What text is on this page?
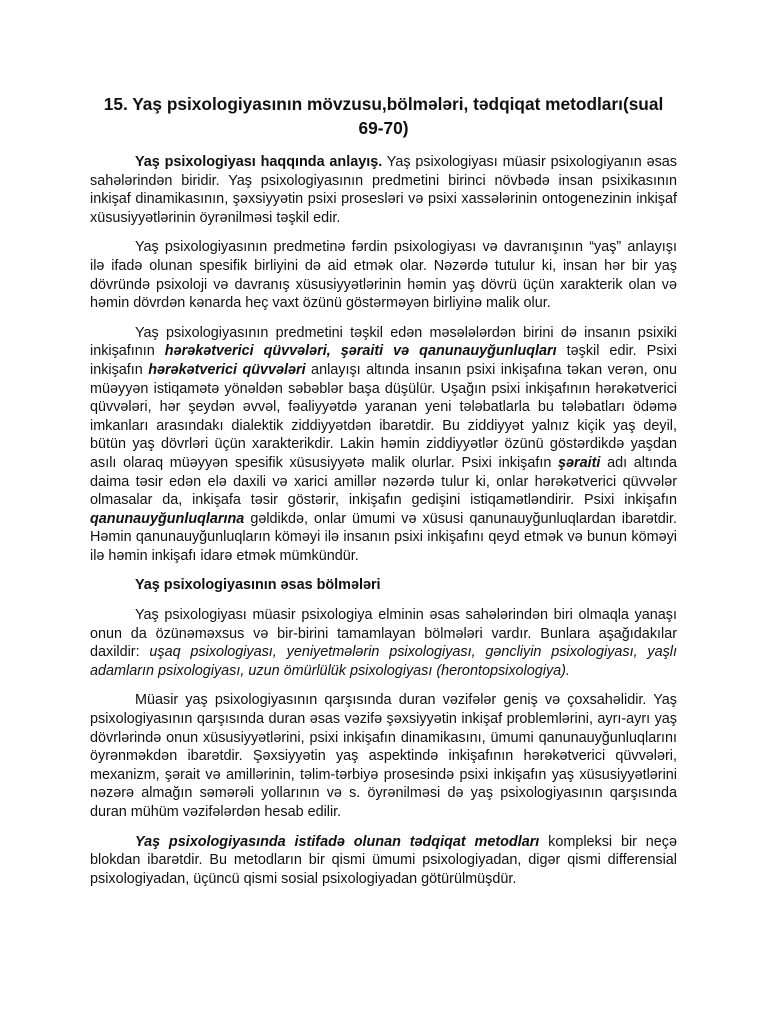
15. Yaş psixologiyasının mövzusu,bölmələri, tədqiqat metodları(sual 69-70)

Yaş psixologiyası haqqında anlayış. Yaş psixologiyası müasir psixologiyanın əsas sahələrindən biridir. Yaş psixologiyasının predmetini birinci növbədə insan psixikasının inkişaf dinamikasının, şəxsiyyətin psixi prosesləri və psixi xassələrinin ontogenezinin inkişaf xüsusiyyətlərinin öyrənilməsi təşkil edir.

Yaş psixologiyasının predmetinə fərdin psixologiyası və davranışının “yaş” anlayışı ilə ifadə olunan spesifik birliyini də aid etmək olar. Nəzərdə tutulur ki, insan hər bir yaş dövründə psixoloji və davranış xüsusiyyətlərinin həmin yaş dövrü üçün xarakterik olan və həmin dövrdən kənarda heç vaxt özünü göstərməyən birliyinə malik olur.

Yaş psixologiyasının predmetini təşkil edən məsələlərdən birini də insanın psixiki inkişafının hərəkətverici qüvvələri, şəraiti və qanunauyğunluqları təşkil edir. Psixi inkişafın hərəkətverici qüvvələri anlayışı altında insanın psixi inkişafına təkan verən, onu müəyyən istiqamətə yönəldən səbəblər başa düşülür. Uşağın psixi inkişafının hərəkətverici qüvvələri, hər şeydən əvvəl, fəaliyyətdə yaranan yeni tələbatlarla bu tələbatları ödəmə imkanları arasındakı dialektik ziddiyyətdən ibarətdir. Bu ziddiyyət yalnız kiçik yaş deyil, bütün yaş dövrləri üçün xarakterikdir. Lakin həmin ziddiyyətlər özünü göstərdikdə yaşdan asılı olaraq müəyyən spesifik xüsusiyyətə malik olurlar. Psixi inkişafın şəraiti adı altında daima təsir edən elə daxili və xarici amillər nəzərdə tulur ki, onlar hərəkətverici qüvvələr olmasalar da, inkişafa təsir göstərir, inkişafın gedişini istiqamətləndirir. Psixi inkişafın qanunauyğunluqlarına gəldikdə, onlar ümumi və xüsusi qanunauyğunluqlardan ibarətdir. Həmin qanunauyğunluqların köməyi ilə insanın psixi inkişafını qeyd etmək və bunun köməyi ilə həmin inkişafı idarə etmək mümkündür.

Yaş psixologiyasının əsas bölmələri

Yaş psixologiyası müasir psixologiya elminin əsas sahələrindən biri olmaqla yanaşı onun da özünəməxsus və bir-birini tamamlayan bölmələri vardır. Bunlara aşağıdakılar daxildir: uşaq psixologiyası, yeniyetmələrin psixologiyası, gəncliyin psixologiyası, yaşlı adamların psixologiyası, uzun ömürlülük psixologiyası (herontopsixologiya).

Müasir yaş psixologiyasının qarşısında duran vəzifələr geniş və çoxsahəlidir. Yaş psixologiyasının qarşısında duran əsas vəzifə şəxsiyyətin inkişaf problemlərini, ayrı-ayrı yaş dövrlərində onun xüsusiyyətlərini, psixi inkişafın dinamikasını, ümumi qanunauyğunluqlarını öyrənməkdən ibarətdir. Şəxsiyyətin yaş aspektində inkişafının hərəkətverici qüvvələri, mexanizm, şərait və amillərinin, təlim-tərbiyə prosesində psixi inkişafın yaş xüsusiyyətlərini nəzərə almağın səmərəli yollarının və s. öyrənilməsi də yaş psixologiyasının qarşısında duran mühüm vəzifələrdən hesab edilir.

Yaş psixologiyasında istifadə olunan tədqiqat metodları kompleksi bir neçə blokdan ibarətdir. Bu metodların bir qismi ümumi psixologiyadan, digər qismi differensial psixologiyadan, üçüncü qismi sosial psixologiyadan götürülmüşdür.
